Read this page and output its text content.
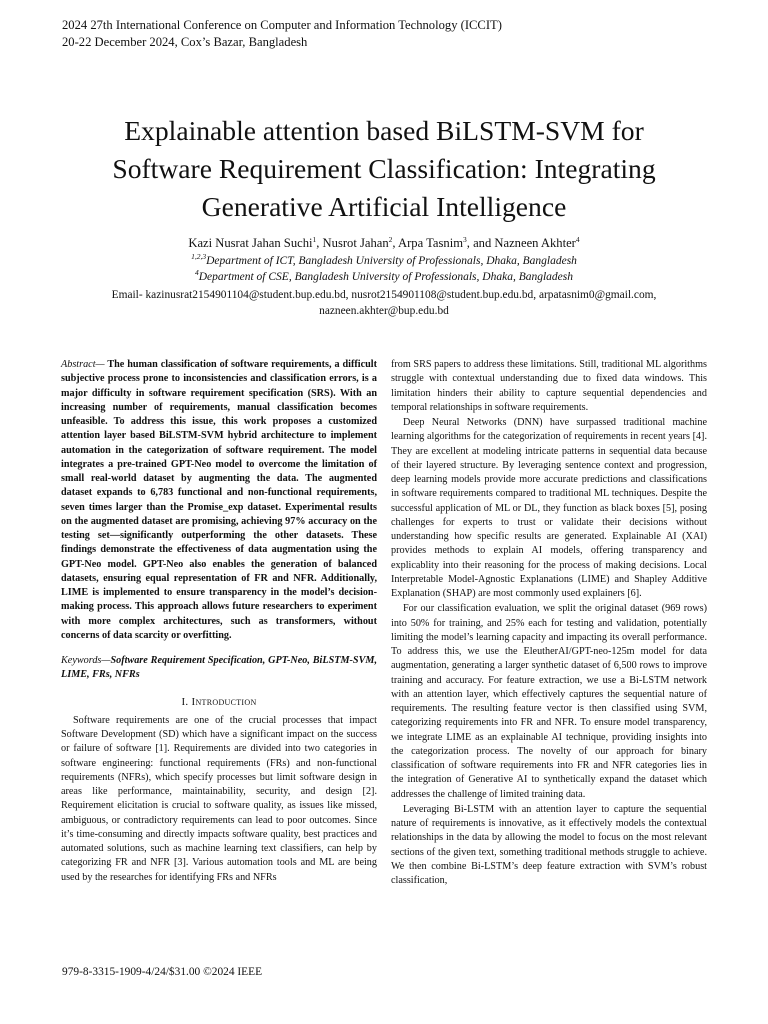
2024 27th International Conference on Computer and Information Technology (ICCIT)
20-22 December 2024, Cox’s Bazar, Bangladesh
Explainable attention based BiLSTM-SVM for
Software Requirement Classification: Integrating
Generative Artificial Intelligence
Kazi Nusrat Jahan Suchi$^1$, Nusrot Jahan$^2$, Arpa Tasnim$^3$, and Nazneen Akhter$^4$
$^{1,2,3}$Department of ICT, Bangladesh University of Professionals, Dhaka, Bangladesh
$^4$Department of CSE, Bangladesh University of Professionals, Dhaka, Bangladesh
Email- kazinusrat2154901104@student.bup.edu.bd, nusrot2154901108@student.bup.edu.bd, arpatasnim0@gmail.com,
nazneen.akhter@bup.edu.bd

Abstract— The human classification of software requirements, a difficult subjective process prone to inconsistencies and classification errors, is a major difficulty in software requirement specification (SRS). With an increasing number of requirements, manual classification becomes unfeasible. To address this issue, this work proposes a customized attention layer based BiLSTM-SVM hybrid architecture to implement automation in the categorization of software requirement. The model integrates a pre-trained GPT-Neo model to overcome the limitation of small real-world dataset by augmenting the data. The augmented dataset expands to 6,783 functional and non-functional requirements, seven times larger than the Promise_exp dataset. Experimental results on the augmented dataset are promising, achieving 97% accuracy on the testing set—significantly outperforming the other datasets. These findings demonstrate the effectiveness of data augmentation using the GPT-Neo model. GPT-Neo also enables the generation of balanced datasets, ensuring equal representation of FR and NFR. Additionally, LIME is implemented to ensure transparency in the model’s decision-making process. This approach allows future researchers to experiment with more complex architectures, such as transformers, without concerns of data scarcity or overfitting.

Keywords—Software Requirement Specification, GPT-Neo, BiLSTM-SVM, LIME, FRs, NFRs

I. Introduction

Software requirements are one of the crucial processes that impact Software Development (SD) which have a significant impact on the success or failure of software [1]. Requirements are divided into two categories in software engineering: functional requirements (FRs) and non-functional requirements (NFRs), which specify processes but limit software design in areas like performance, maintainability, security, and design [2]. Requirement elicitation is crucial to software quality, as issues like missed, ambiguous, or contradictory requirements can lead to poor outcomes. Since it’s time-consuming and directly impacts software quality, best practices and automated solutions, such as machine learning text classifiers, can help by categorizing FR and NFR [3]. Various automation tools and ML are being used by the researches for identifying FRs and NFRs

from SRS papers to address these limitations. Still, traditional ML algorithms struggle with contextual understanding due to fixed data windows. This limitation hinders their ability to capture sequential dependencies and temporal relationships in software requirements.

Deep Neural Networks (DNN) have surpassed traditional machine learning algorithms for the categorization of requirements in recent years [4]. They are excellent at modeling intricate patterns in sequential data because of their layered structure. By leveraging sentence context and progression, deep learning models provide more accurate predictions and classifications in software requirements compared to traditional ML techniques. Despite the successful application of ML or DL, they function as black boxes [5], posing challenges for experts to trust or validate their decisions without understanding how specific results are generated. Explainable AI (XAI) provides methods to explain AI models, offering transparency and explicablity into their reasoning for the process of making decisions. Local Interpretable Model-Agnostic Explanations (LIME) and Shapley Additive Explanation (SHAP) are most commonly used explainers [6].

For our classification evaluation, we split the original dataset (969 rows) into 50% for training, and 25% each for testing and validation, potentially limiting the model’s learning capacity and impacting its overall performance. To address this, we use the EleutherAI/GPT-neo-125m model for data augmentation, generating a larger synthetic dataset of 6,500 rows to improve training and accuracy. For feature extraction, we use a Bi-LSTM network with an attention layer, which effectively captures the sequential nature of requirements. The resulting feature vector is then classified using SVM, categorizing requirements into FR and NFR. To ensure model transparency, we integrate LIME as an explainable AI technique, providing insights into the categorization process. The novelty of our approach for binary classification of software requirements into FR and NFR categories lies in the integration of Generative AI to synthetically expand the dataset which addresses the challenge of limited training data.

Leveraging Bi-LSTM with an attention layer to capture the sequential nature of requirements is innovative, as it effectively models the contextual relationships in the data by allowing the model to focus on the most relevant sections of the given text, something traditional methods struggle to achieve. We then combine Bi-LSTM’s deep feature extraction with SVM’s robust classification,

979-8-3315-1909-4/24/$31.00 ©2024 IEEE
